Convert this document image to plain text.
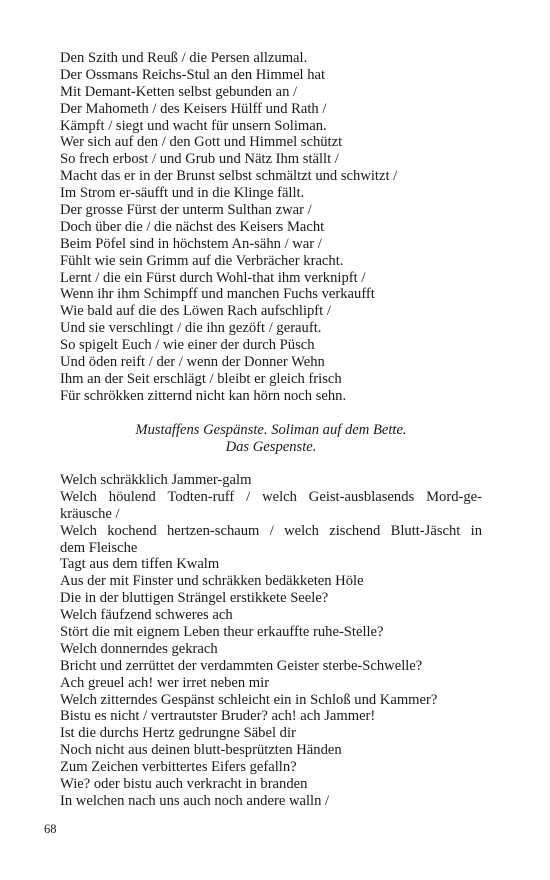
Den Szith und Reuß / die Persen allzumal.
Der Ossmans Reichs-Stul an den Himmel hat
Mit Demant-Ketten selbst gebunden an /
Der Mahometh / des Keisers Hülff und Rath /
Kämpft / siegt und wacht für unsern Soliman.
Wer sich auf den / den Gott und Himmel schützt
So frech erbost / und Grub und Nätz Ihm ställt /
Macht das er in der Brunst selbst schmältzt und schwitzt /
Im Strom er-säufft und in die Klinge fällt.
Der grosse Fürst der unterm Sulthan zwar /
Doch über die / die nächst des Keisers Macht
Beim Pöfel sind in höchstem An-sähn / war /
Fühlt wie sein Grimm auf die Verbrächer kracht.
Lernt / die ein Fürst durch Wohl-that ihm verknipft /
Wenn ihr ihm Schimpff und manchen Fuchs verkaufft
Wie bald auf die des Löwen Rach aufschlipft /
Und sie verschlingt / die ihn gezöft / gerauft.
So spigelt Euch / wie einer der durch Püsch
Und öden reift / der / wenn der Donner Wehn
Ihm an der Seit erschlägt / bleibt er gleich frisch
Für schrökken zitternd nicht kan hörn noch sehn.
Mustaffens Gespänste. Soliman auf dem Bette.
Das Gespenste.
Welch schräkklich Jammer-galm
Welch höulend Todten-ruff / welch Geist-ausblasends Mord-ge-
kräusche /
Welch kochend hertzen-schaum / welch zischend Blutt-Jäscht in
dem Fleische
Tagt aus dem tiffen Kwalm
Aus der mit Finster und schräkken bedäkketen Höle
Die in der bluttigen Strängel erstikkete Seele?
Welch fäufzend schweres ach
Stört die mit eignem Leben theur erkauffte ruhe-Stelle?
Welch donnerndes gekrach
Bricht und zerrüttet der verdammten Geister sterbe-Schwelle?
Ach greuel ach! wer irret neben mir
Welch zitterndes Gespänst schleicht ein in Schloß und Kammer?
Bistu es nicht / vertrautster Bruder? ach! ach Jammer!
Ist die durchs Hertz gedrungne Säbel dir
Noch nicht aus deinen blutt-besprützten Händen
Zum Zeichen verbittertes Eifers gefalln?
Wie? oder bistu auch verkracht in branden
In welchen nach uns auch noch andere walln /
68
